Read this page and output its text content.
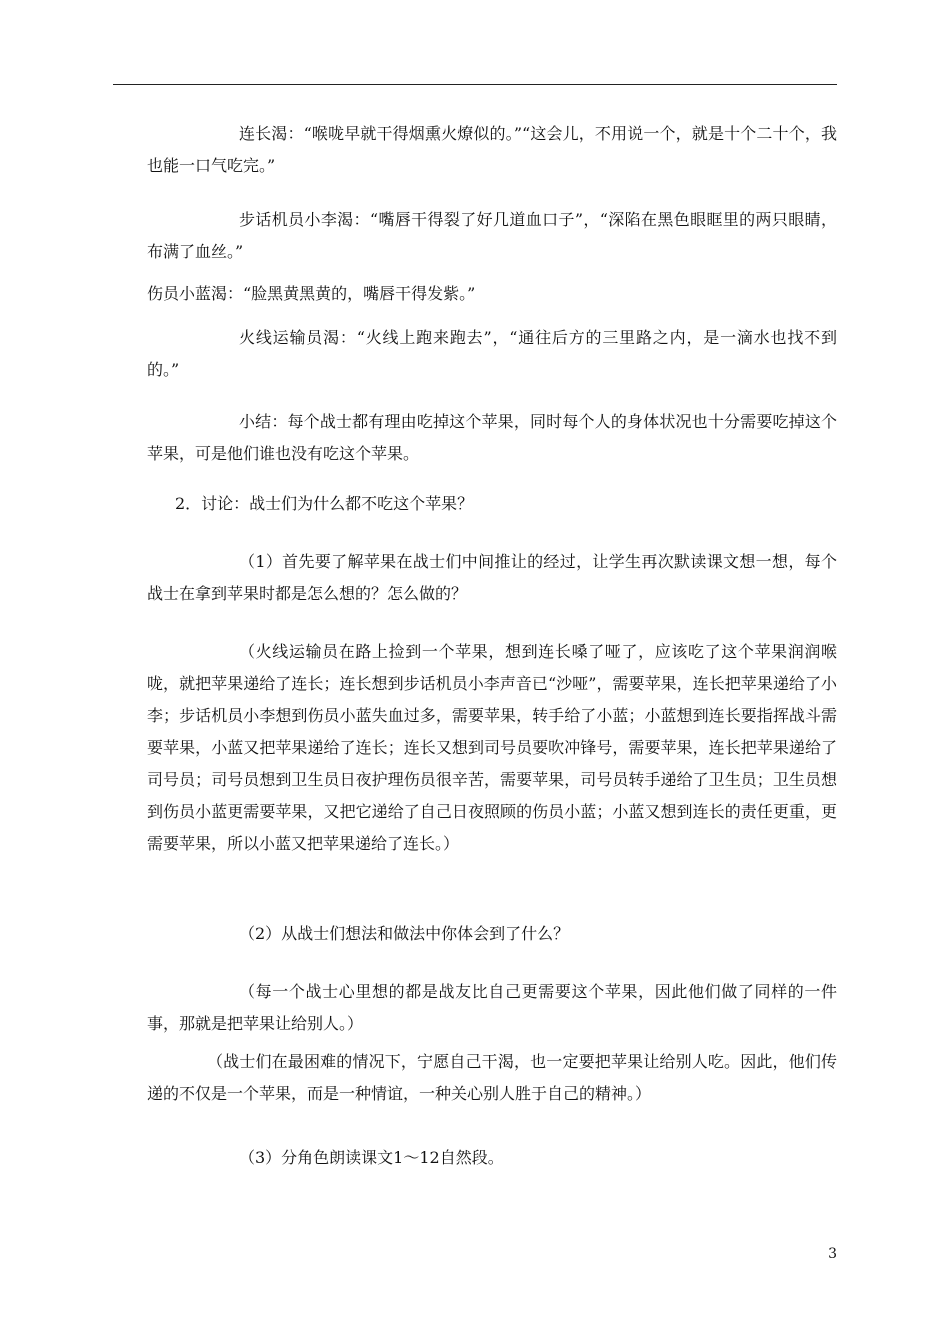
连长渴：“喉咙早就干得烟熏火燎似的。”“这会儿，不用说一个，就是十个二十个，我也能一口气吃完。”

步话机员小李渴：“嘴唇干得裂了好几道血口子”，“深陷在黑色眼眶里的两只眼睛，布满了血丝。”

伤员小蓝渴：“脸黑黄黑黄的，嘴唇干得发紫。”

火线运输员渴：“火线上跑来跑去”，“通往后方的三里路之内，是一滴水也找不到的。”

小结：每个战士都有理由吃掉这个苹果，同时每个人的身体状况也十分需要吃掉这个苹果，可是他们谁也没有吃这个苹果。

2．讨论：战士们为什么都不吃这个苹果？

（1）首先要了解苹果在战士们中间推让的经过，让学生再次默读课文想一想，每个战士在拿到苹果时都是怎么想的？怎么做的？

（火线运输员在路上捡到一个苹果，想到连长嗓了哑了，应该吃了这个苹果润润喉咙，就把苹果递给了连长；连长想到步话机员小李声音已“沙哑”，需要苹果，连长把苹果递给了小李；步话机员小李想到伤员小蓝失血过多，需要苹果，转手给了小蓝；小蓝想到连长要指挥战斗需要苹果，小蓝又把苹果递给了连长；连长又想到司号员要吹冲锋号，需要苹果，连长把苹果递给了司号员；司号员想到卫生员日夜护理伤员很辛苦，需要苹果，司号员转手递给了卫生员；卫生员想到伤员小蓝更需要苹果，又把它递给了自己日夜照顾的伤员小蓝；小蓝又想到连长的责任更重，更需要苹果，所以小蓝又把苹果递给了连长。）

（2）从战士们想法和做法中你体会到了什么？

（每一个战士心里想的都是战友比自己更需要这个苹果，因此他们做了同样的一件事，那就是把苹果让给别人。）

（战士们在最困难的情况下，宁愿自己干渴，也一定要把苹果让给别人吃。因此，他们传递的不仅是一个苹果，而是一种情谊，一种关心别人胜于自己的精神。）

（3）分角色朗读课文1～12自然段。

3
